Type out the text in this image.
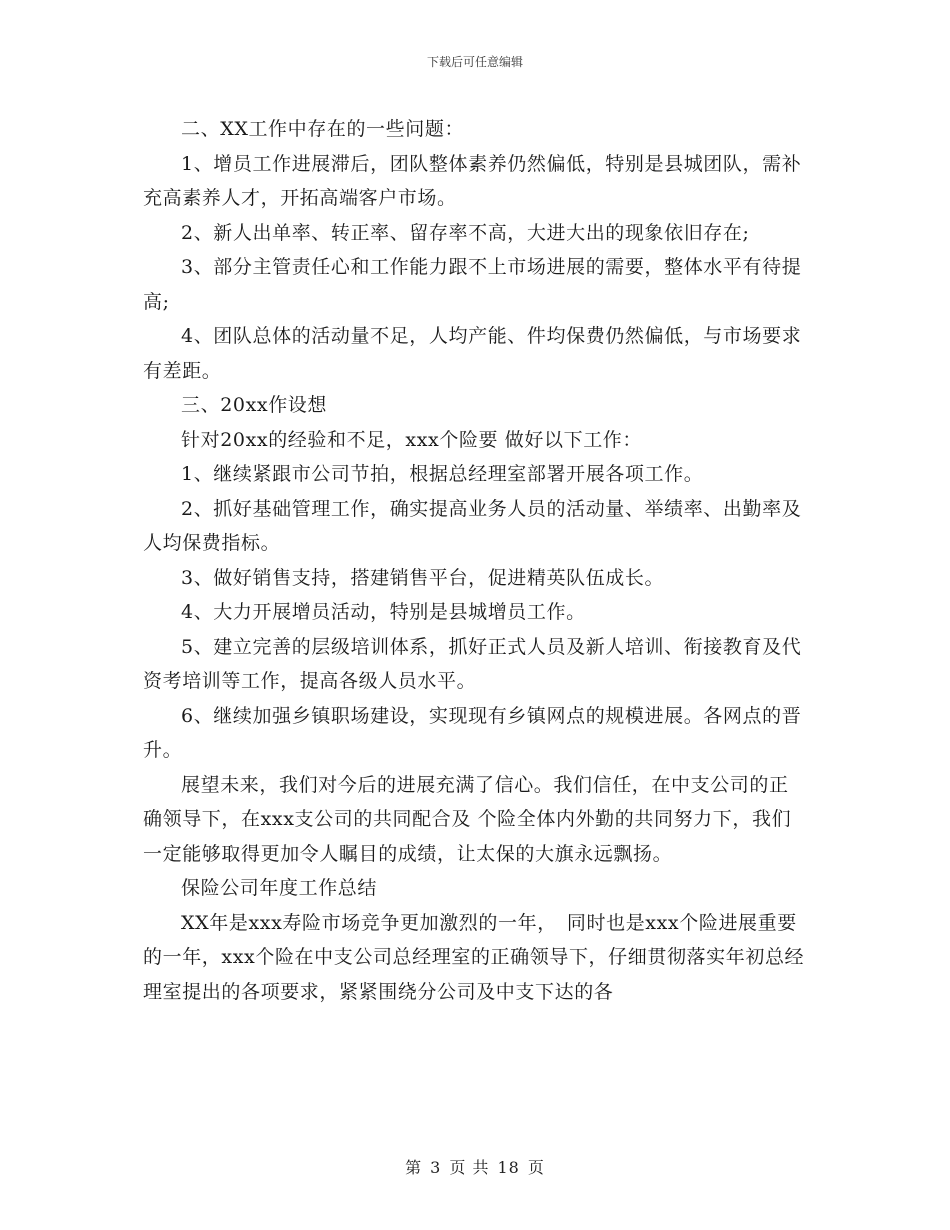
下载后可任意编辑

二、XX工作中存在的一些问题：

1、增员工作进展滞后，团队整体素养仍然偏低，特别是县城团队，需补充高素养人才，开拓高端客户市场。

2、新人出单率、转正率、留存率不高，大进大出的现象依旧存在;

3、部分主管责任心和工作能力跟不上市场进展的需要，整体水平有待提高;

4、团队总体的活动量不足，人均产能、件均保费仍然偏低，与市场要求有差距。

三、20xx作设想

针对20xx的经验和不足，xxx个险要 做好以下工作：

1、继续紧跟市公司节拍，根据总经理室部署开展各项工作。

2、抓好基础管理工作，确实提高业务人员的活动量、举绩率、出勤率及人均保费指标。

3、做好销售支持，搭建销售平台，促进精英队伍成长。

4、大力开展增员活动，特别是县城增员工作。

5、建立完善的层级培训体系，抓好正式人员及新人培训、衔接教育及代资考培训等工作，提高各级人员水平。

6、继续加强乡镇职场建设，实现现有乡镇网点的规模进展。各网点的晋升。

展望未来，我们对今后的进展充满了信心。我们信任，在中支公司的正确领导下，在xxx支公司的共同配合及 个险全体内外勤的共同努力下，我们一定能够取得更加令人瞩目的成绩，让太保的大旗永远飘扬。

保险公司年度工作总结

XX年是xxx寿险市场竞争更加激烈的一年，　同时也是xxx个险进展重要的一年，xxx个险在中支公司总经理室的正确领导下，仔细贯彻落实年初总经理室提出的各项要求，紧紧围绕分公司及中支下达的各

第 3 页 共 18 页
